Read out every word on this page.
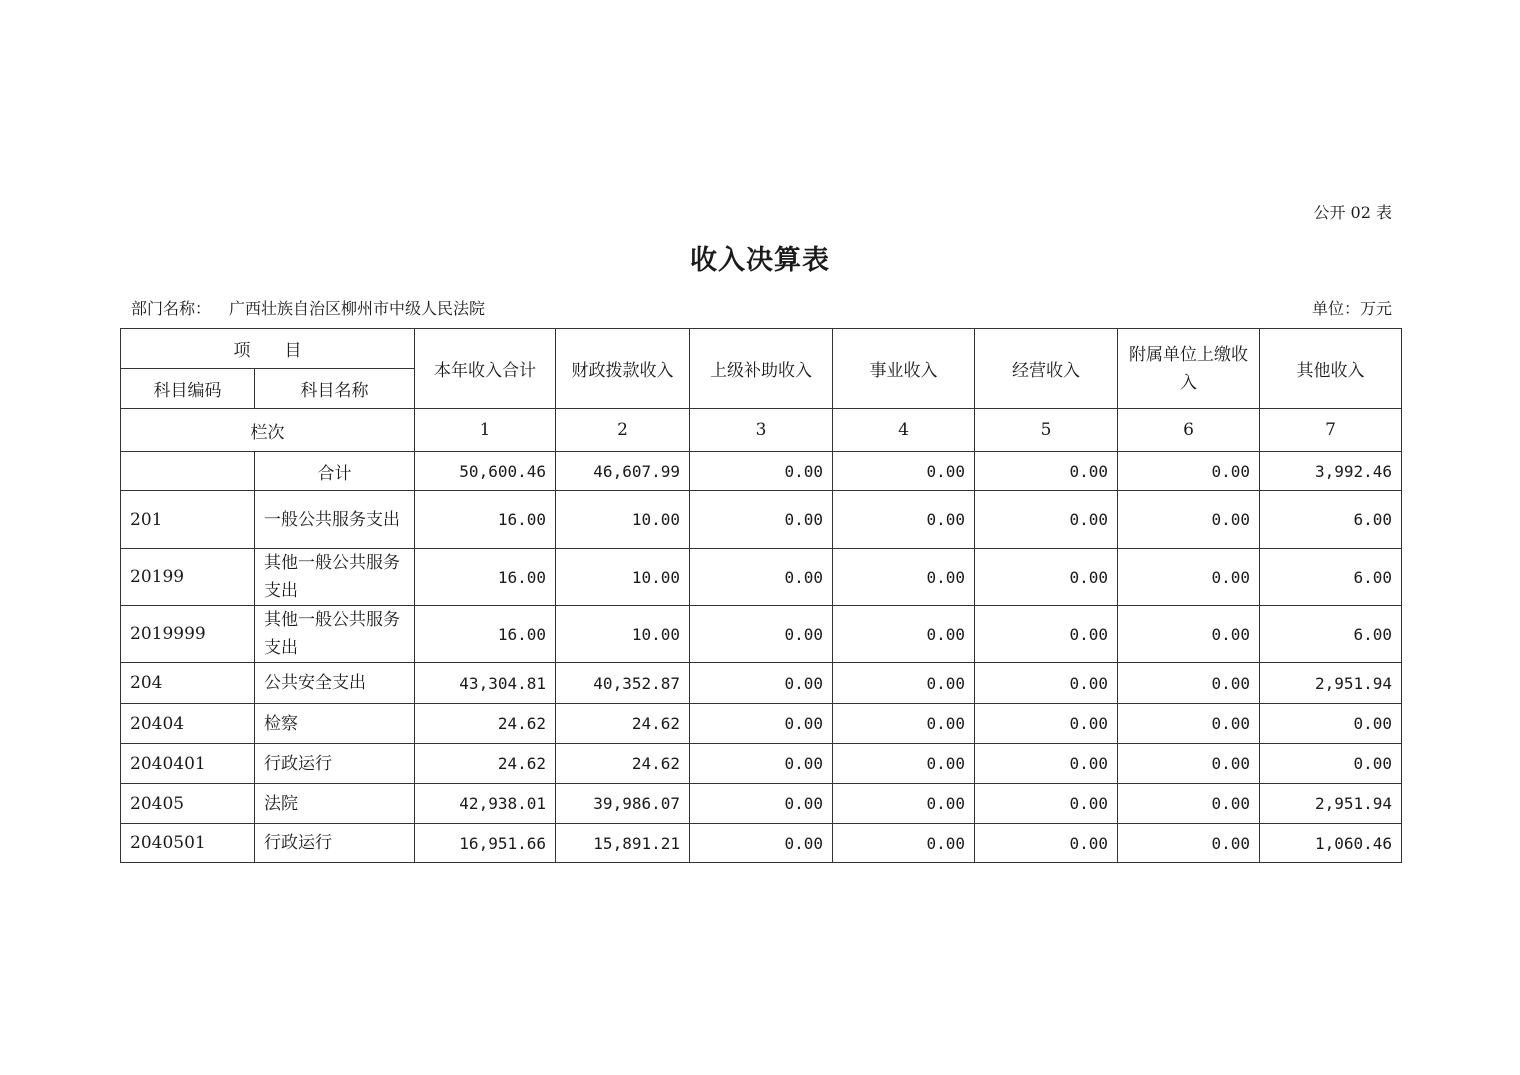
公开 02 表
收入决算表
部门名称： 广西壮族自治区柳州市中级人民法院	单位：万元
项　　目		本年收入合计	财政拨款收入	上级补助收入	事业收入	经营收入	附属单位上缴收入	其他收入
科目编码	科目名称							
栏次		1	2	3	4	5	6	7
	合计	50,600.46	46,607.99	0.00	0.00	0.00	0.00	3,992.46
201	一般公共服务支出	16.00	10.00	0.00	0.00	0.00	0.00	6.00
20199	其他一般公共服务支出	16.00	10.00	0.00	0.00	0.00	0.00	6.00
2019999	其他一般公共服务支出	16.00	10.00	0.00	0.00	0.00	0.00	6.00
204	公共安全支出	43,304.81	40,352.87	0.00	0.00	0.00	0.00	2,951.94
20404	检察	24.62	24.62	0.00	0.00	0.00	0.00	0.00
2040401	行政运行	24.62	24.62	0.00	0.00	0.00	0.00	0.00
20405	法院	42,938.01	39,986.07	0.00	0.00	0.00	0.00	2,951.94
2040501	行政运行	16,951.66	15,891.21	0.00	0.00	0.00	0.00	1,060.46
